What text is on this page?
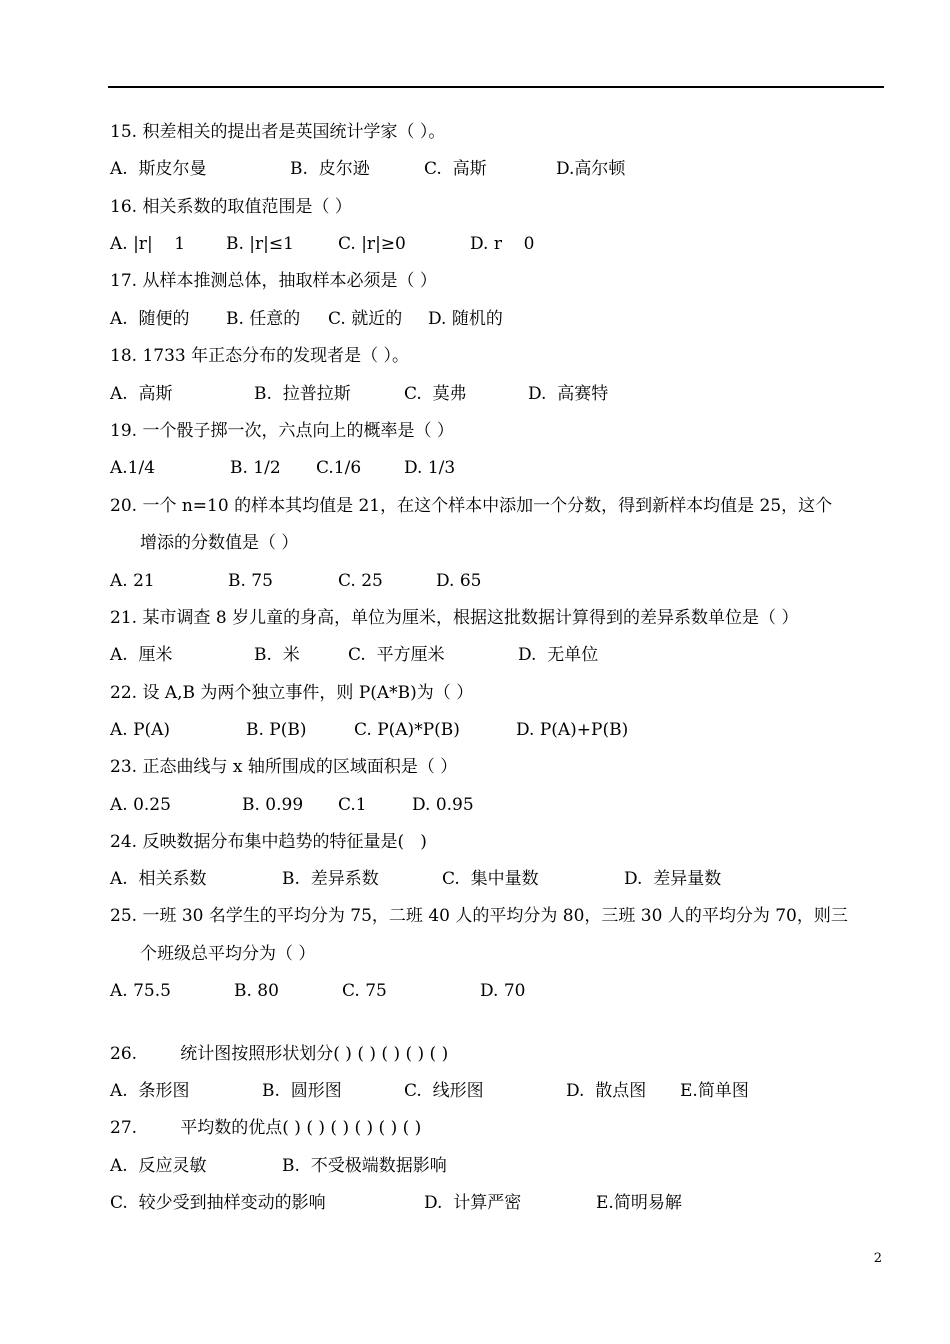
15. 积差相关的提出者是英国统计学家（ ）。
A.  斯皮尔曼	B.  皮尔逊	C.  高斯	D.高尔顿
16. 相关系数的取值范围是（ ）
A. |r|    1 B. |r|≤1	C. |r|≥0	D. r    0
17. 从样本推测总体，抽取样本必须是（ ）
A.  随便的 B. 任意的 C. 就近的 D. 随机的
18. 1733 年正态分布的发现者是（ ）。
A.  高斯	B.  拉普拉斯	C.  莫弗	D.  高赛特
19. 一个骰子掷一次，六点向上的概率是（ ）
A.1/4	B. 1/2 C.1/6	D. 1/3
20. 一个 n=10 的样本其均值是 21，在这个样本中添加一个分数，得到新样本均值是 25，这个
增添的分数值是（ ）
A. 21	B. 75	C. 25	D. 65
21. 某市调查 8 岁儿童的身高，单位为厘米，根据这批数据计算得到的差异系数单位是（ ）
A.  厘米	B.  米	C.  平方厘米	D.  无单位
22. 设 A,B 为两个独立事件，则 P(A*B)为（ ）
A. P(A)	B. P(B)	C. P(A)*P(B)	D. P(A)+P(B)
23. 正态曲线与 x 轴所围成的区域面积是（ ）
A. 0.25	B. 0.99 C.1	D. 0.95
24. 反映数据分布集中趋势的特征量是(   )
A.  相关系数	B.  差异系数	C.  集中量数	D.  差异量数
25. 一班 30 名学生的平均分为 75，二班 40 人的平均分为 80，三班 30 人的平均分为 70，则三
个班级总平均分为（ ）
A. 75.5	B. 80	C. 75	D. 70
26.        统计图按照形状划分( ) ( ) ( ) ( ) ( )
A.  条形图	B.  圆形图	C.  线形图	D.  散点图 E.简单图
27.        平均数的优点( ) ( ) ( ) ( ) ( ) ( )
A.  反应灵敏	B.  不受极端数据影响
C.  较少受到抽样变动的影响	D.  计算严密	E.简明易解
2
